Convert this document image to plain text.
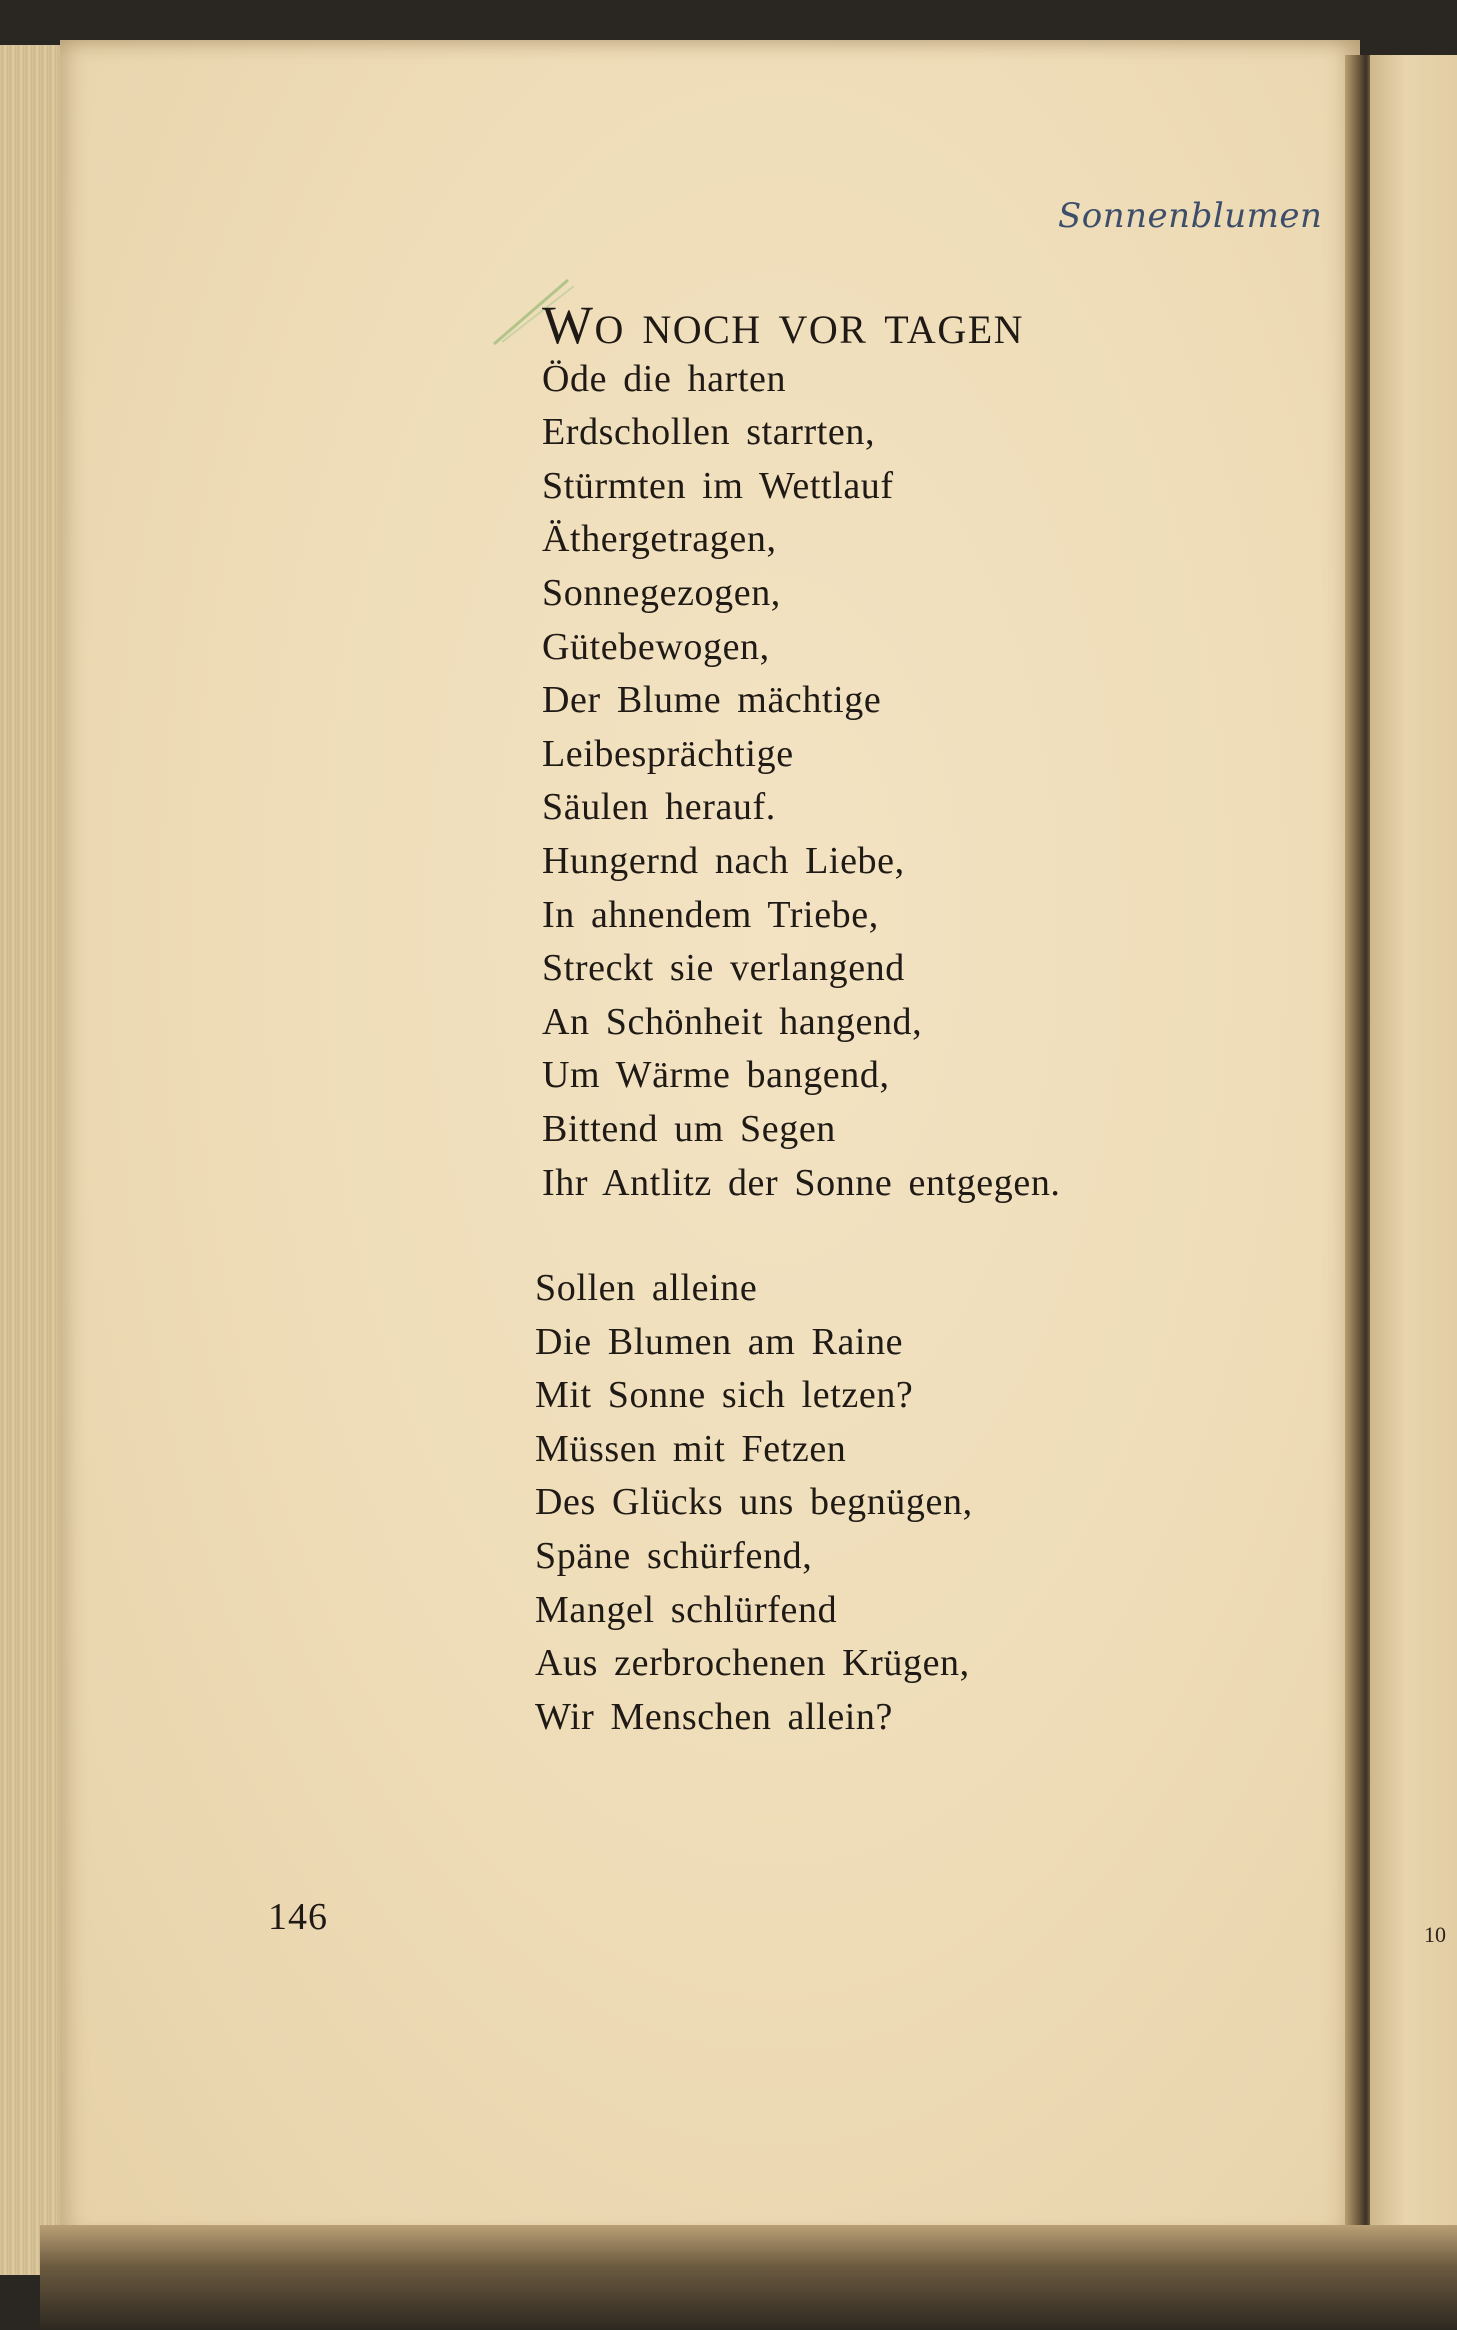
Sonnenblumen
WO NOCH VOR TAGEN
Öde die harten
Erdschollen starrten,
Stürmten im Wettlauf
Äthergetragen,
Sonnegezogen,
Gütebewogen,
Der Blume mächtige
Leibesprächtige
Säulen herauf.
Hungernd nach Liebe,
In ahnendem Triebe,
Streckt sie verlangend
An Schönheit hangend,
Um Wärme bangend,
Bittend um Segen
Ihr Antlitz der Sonne entgegen.
Sollen alleine
Die Blumen am Raine
Mit Sonne sich letzen?
Müssen mit Fetzen
Des Glücks uns begnügen,
Späne schürfend,
Mangel schlürfend
Aus zerbrochenen Krügen,
Wir Menschen allein?
146	10
